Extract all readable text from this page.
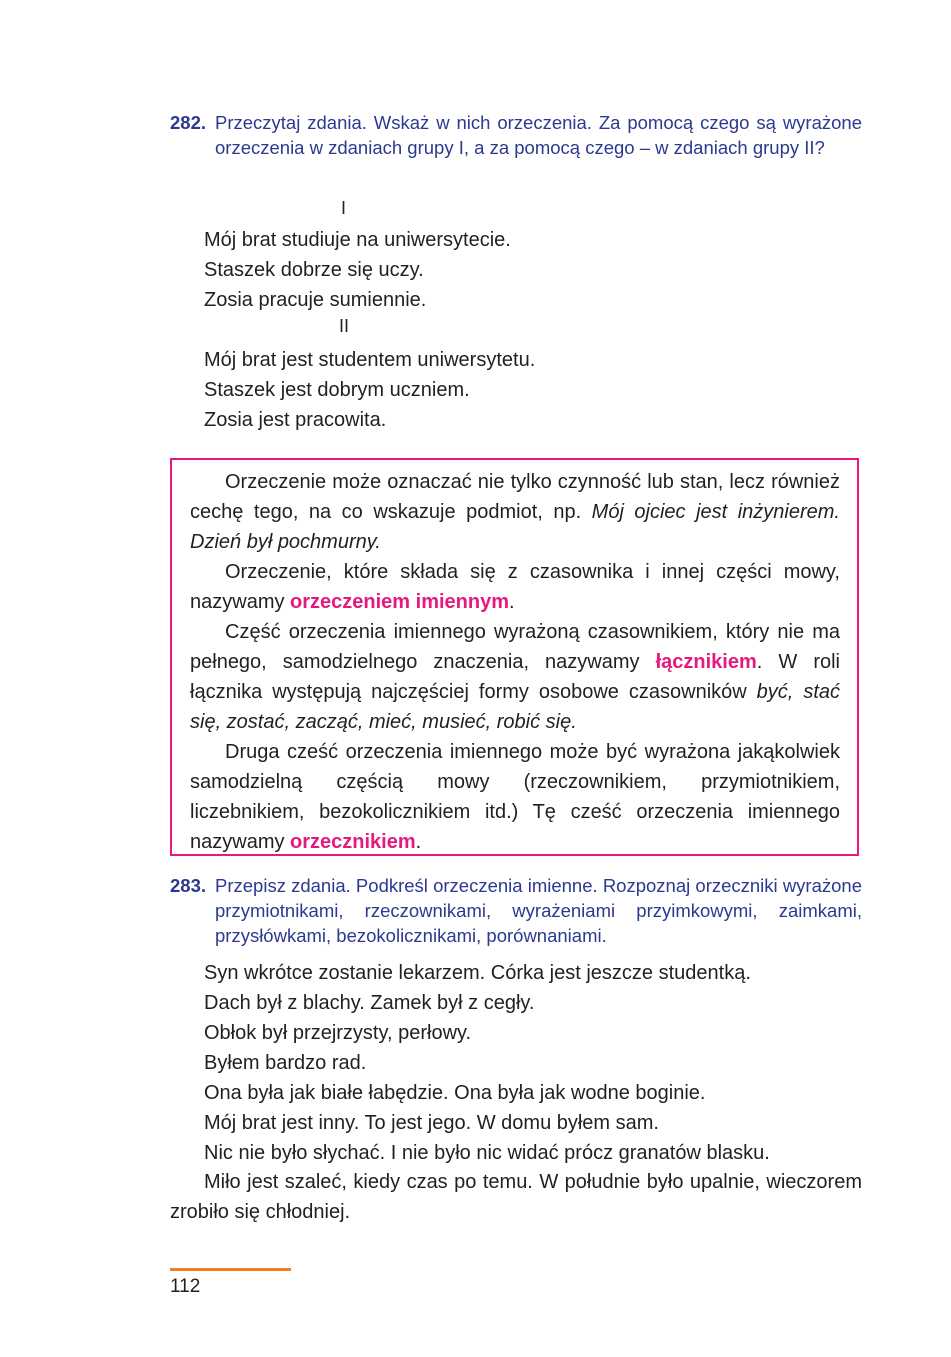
282. Przeczytaj zdania. Wskaż w nich orzeczenia. Za pomocą czego są wyrażone orzeczenia w zdaniach grupy I, a za pomocą czego – w zdaniach grupy II?
I
Mój brat studiuje na uniwersytecie.
Staszek dobrze się uczy.
Zosia pracuje sumiennie.
II
Mój brat jest studentem uniwersytetu.
Staszek jest dobrym uczniem.
Zosia jest pracowita.

Orzeczenie może oznaczać nie tylko czynność lub stan, lecz również cechę tego, na co wskazuje podmiot, np. Mój ojciec jest inżynierem. Dzień był pochmurny.

Orzeczenie, które składa się z czasownika i innej części mowy, nazywamy orzeczeniem imiennym.

Część orzeczenia imiennego wyrażoną czasownikiem, który nie ma pełnego, samodzielnego znaczenia, nazywamy łącznikiem. W roli łącznika występują najczęściej formy osobowe czasowników być, stać się, zostać, zacząć, mieć, musieć, robić się.

Druga cześć orzeczenia imiennego może być wyrażona jakąkolwiek samodzielną częścią mowy (rzeczownikiem, przymiotnikiem, liczebnikiem, bezokolicznikiem itd.) Tę cześć orzeczenia imiennego nazywamy orzecznikiem.

283. Przepisz zdania. Podkreśl orzeczenia imienne. Rozpoznaj orzeczniki wyrażone przymiotnikami, rzeczownikami, wyrażeniami przyimkowymi, zaimkami, przysłówkami, bezokolicznikami, porównaniami.
Syn wkrótce zostanie lekarzem. Córka jest jeszcze studentką.
Dach był z blachy. Zamek był z cegły.
Obłok był przejrzysty, perłowy.
Byłem bardzo rad.
Ona była jak białe łabędzie. Ona była jak wodne boginie.
Mój brat jest inny. To jest jego. W domu byłem sam.
Nic nie było słychać. I nie było nic widać prócz granatów blasku.
Miło jest szaleć, kiedy czas po temu. W południe było upalnie, wieczorem zrobiło się chłodniej.
112
